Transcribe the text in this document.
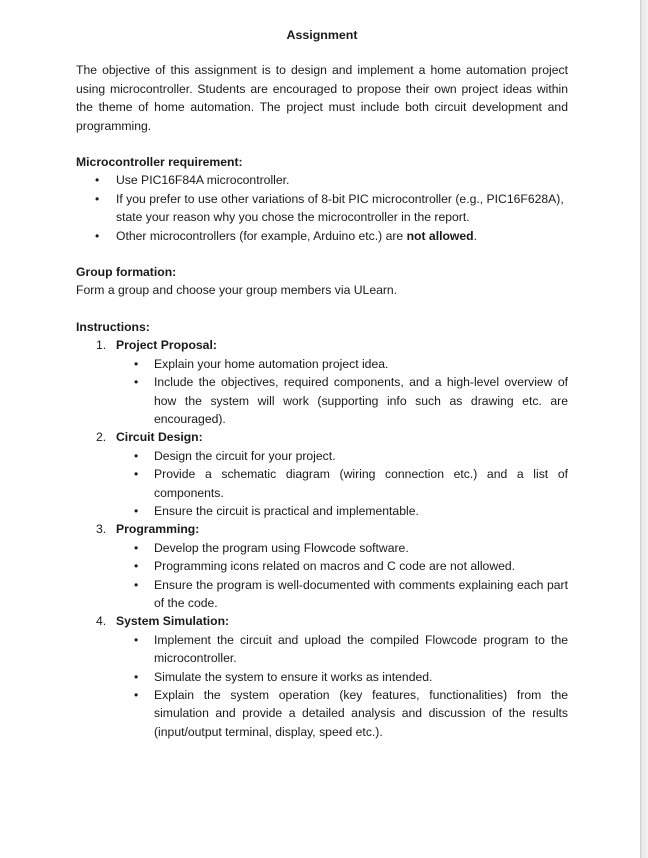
Assignment

The objective of this assignment is to design and implement a home automation project using microcontroller. Students are encouraged to propose their own project ideas within the theme of home automation. The project must include both circuit development and programming.

Microcontroller requirement:

• Use PIC16F84A microcontroller.
• If you prefer to use other variations of 8-bit PIC microcontroller (e.g., PIC16F628A), state your reason why you chose the microcontroller in the report.
• Other microcontrollers (for example, Arduino etc.) are not allowed.

Group formation:

Form a group and choose your group members via ULearn.

Instructions:

1. Project Proposal:
• Explain your home automation project idea.
• Include the objectives, required components, and a high-level overview of how the system will work (supporting info such as drawing etc. are encouraged).
2. Circuit Design:
• Design the circuit for your project.
• Provide a schematic diagram (wiring connection etc.) and a list of components.
• Ensure the circuit is practical and implementable.
3. Programming:
• Develop the program using Flowcode software.
• Programming icons related on macros and C code are not allowed.
• Ensure the program is well-documented with comments explaining each part of the code.
4. System Simulation:
• Implement the circuit and upload the compiled Flowcode program to the microcontroller.
• Simulate the system to ensure it works as intended.
• Explain the system operation (key features, functionalities) from the simulation and provide a detailed analysis and discussion of the results (input/output terminal, display, speed etc.).
